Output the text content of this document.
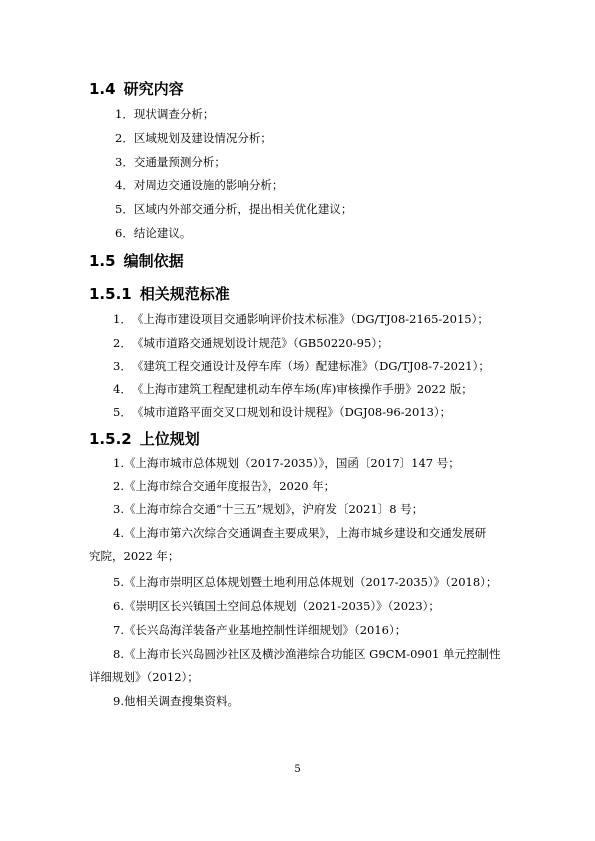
1.4 研究内容
1．现状调查分析；
2．区域规划及建设情况分析；
3．交通量预测分析；
4．对周边交通设施的影响分析；
5．区域内外部交通分析，提出相关优化建议；
6．结论建议。
1.5 编制依据
1.5.1 相关规范标准
1．《上海市建设项目交通影响评价技术标准》（DG/TJ08-2165-2015）；
2．《城市道路交通规划设计规范》（GB50220-95）；
3．《建筑工程交通设计及停车库（场）配建标准》（DG/TJ08-7-2021）；
4．《上海市建筑工程配建机动车停车场(库)审核操作手册》2022 版；
5．《城市道路平面交叉口规划和设计规程》（DGJ08-96-2013）；
1.5.2 上位规划
1.《上海市城市总体规划（2017-2035）》，国函〔2017〕147 号；
2.《上海市综合交通年度报告》，2020 年；
3.《上海市综合交通“十三五”规划》，沪府发〔2021〕8 号；
4.《上海市第六次综合交通调查主要成果》，上海市城乡建设和交通发展研
究院，2022 年；
5.《上海市崇明区总体规划暨土地利用总体规划（2017-2035）》（2018）；
6.《崇明区长兴镇国土空间总体规划（2021-2035）》（2023）；
7.《长兴岛海洋装备产业基地控制性详细规划》（2016）；
8.《上海市长兴岛圆沙社区及横沙渔港综合功能区 G9CM-0901 单元控制性
详细规划》（2012）；
9.他相关调查搜集资料。
5
